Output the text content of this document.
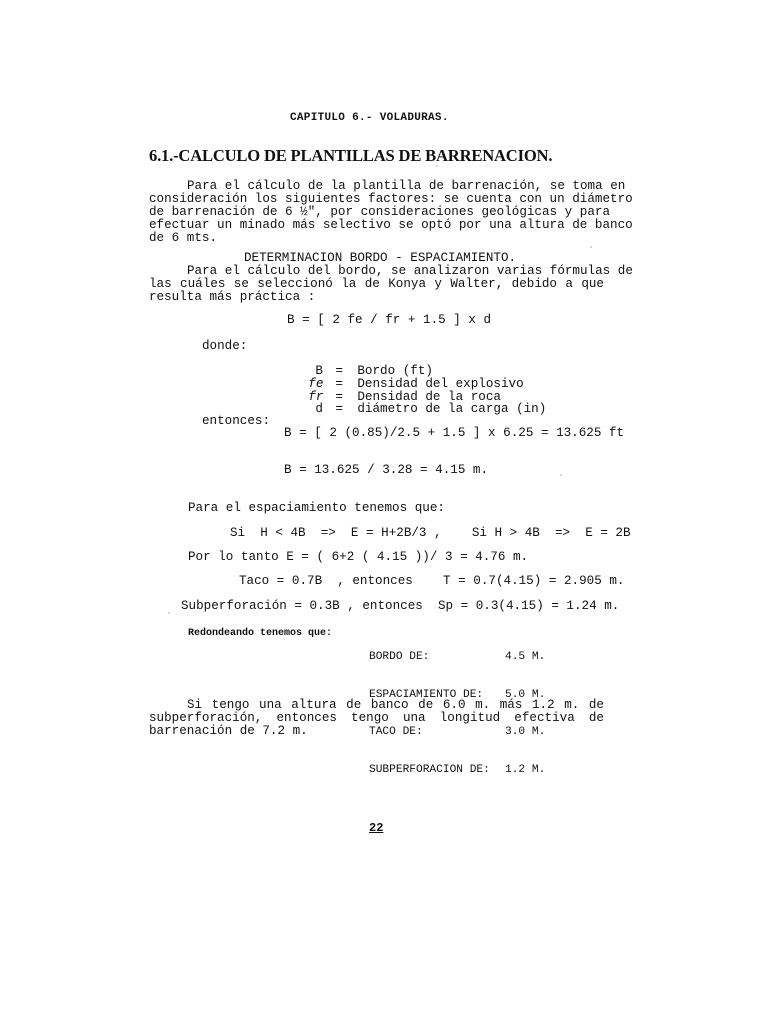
CAPITULO 6.- VOLADURAS.
6.1.-CALCULO DE PLANTILLAS DE BARRENACION.
Para el cálculo de la plantilla de barrenación, se toma en
consideración los siguientes factores: se cuenta con un diámetro
de barrenación de 6 ½", por consideraciones geológicas y para
efectuar un minado más selectivo se optó por una altura de banco
de 6 mts.
DETERMINACION BORDO - ESPACIAMIENTO.
Para el cálculo del bordo, se analizaron varias fórmulas de
las cuáles se seleccionó la de Konya y Walter, debido a que
resulta más práctica :
B = [ 2 fe / fr + 1.5 ] x d
donde:

B = Bordo (ft)

fe = Densidad del explosivo

fr = Densidad de la roca

d = diámetro de la carga (in)

entonces:
B = [ 2 (0.85)/2.5 + 1.5 ] x 6.25 = 13.625 ft
B = 13.625 / 3.28 = 4.15 m.
Para el espaciamiento tenemos que:
Si  H < 4B  =>  E = H+2B/3 ,    Si H > 4B  =>  E = 2B
Por lo tanto E = ( 6+2 ( 4.15 ))/ 3 = 4.76 m.
Taco = 0.7B  , entonces    T = 0.7(4.15) = 2.905 m.
Subperforación = 0.3B , entonces  Sp = 0.3(4.15) = 1.24 m.
Redondeando tenemos que:

BORDO DE:	4.5 M.

ESPACIAMIENTO DE: 5.0 M.

TACO DE:	3.0 M.

SUBPERFORACION DE: 1.2 M.

Si tengo una altura de banco de 6.0 m. más 1.2 m. de
subperforación, entonces tengo una longitud efectiva de
barrenación de 7.2 m.
22
